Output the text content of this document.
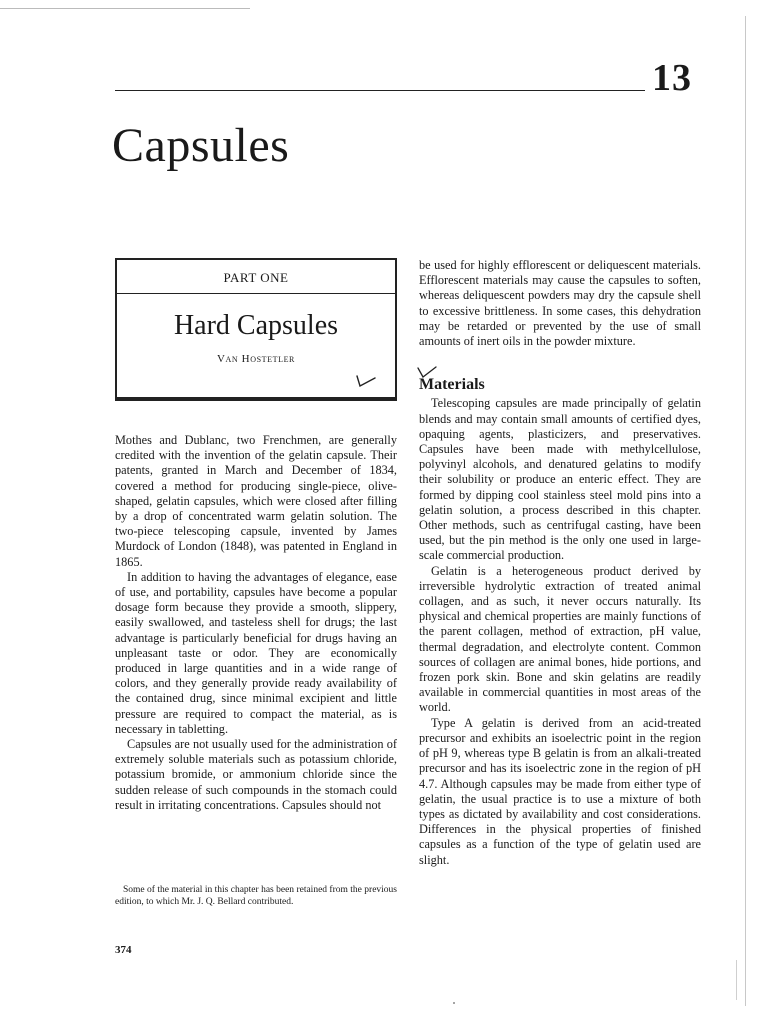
13
Capsules
PART ONE
Hard Capsules
Van Hostetler

Mothes and Dublanc, two Frenchmen, are generally credited with the invention of the gelatin capsule. Their patents, granted in March and December of 1834, covered a method for producing single-piece, olive-shaped, gelatin capsules, which were closed after filling by a drop of concentrated warm gelatin solution. The two-piece telescoping capsule, invented by James Murdock of London (1848), was patented in England in 1865.

In addition to having the advantages of elegance, ease of use, and portability, capsules have become a popular dosage form because they provide a smooth, slippery, easily swallowed, and tasteless shell for drugs; the last advantage is particularly beneficial for drugs having an unpleasant taste or odor. They are economically produced in large quantities and in a wide range of colors, and they generally provide ready availability of the contained drug, since minimal excipient and little pressure are required to compact the material, as is necessary in tabletting.

Capsules are not usually used for the administration of extremely soluble materials such as potassium chloride, potassium bromide, or ammonium chloride since the sudden release of such compounds in the stomach could result in irritating concentrations. Capsules should not

Some of the material in this chapter has been retained from the previous edition, to which Mr. J. Q. Bellard contributed.

be used for highly efflorescent or deliquescent materials. Efflorescent materials may cause the capsules to soften, whereas deliquescent powders may dry the capsule shell to excessive brittleness. In some cases, this dehydration may be retarded or prevented by the use of small amounts of inert oils in the powder mixture.

Materials

Telescoping capsules are made principally of gelatin blends and may contain small amounts of certified dyes, opaquing agents, plasticizers, and preservatives. Capsules have been made with methylcellulose, polyvinyl alcohols, and denatured gelatins to modify their solubility or produce an enteric effect. They are formed by dipping cool stainless steel mold pins into a gelatin solution, a process described in this chapter. Other methods, such as centrifugal casting, have been used, but the pin method is the only one used in large-scale commercial production.

Gelatin is a heterogeneous product derived by irreversible hydrolytic extraction of treated animal collagen, and as such, it never occurs naturally. Its physical and chemical properties are mainly functions of the parent collagen, method of extraction, pH value, thermal degradation, and electrolyte content. Common sources of collagen are animal bones, hide portions, and frozen pork skin. Bone and skin gelatins are readily available in commercial quantities in most areas of the world.

Type A gelatin is derived from an acid-treated precursor and exhibits an isoelectric point in the region of pH 9, whereas type B gelatin is from an alkali-treated precursor and has its isoelectric zone in the region of pH 4.7. Although capsules may be made from either type of gelatin, the usual practice is to use a mixture of both types as dictated by availability and cost considerations. Differences in the physical properties of finished capsules as a function of the type of gelatin used are slight.

374
